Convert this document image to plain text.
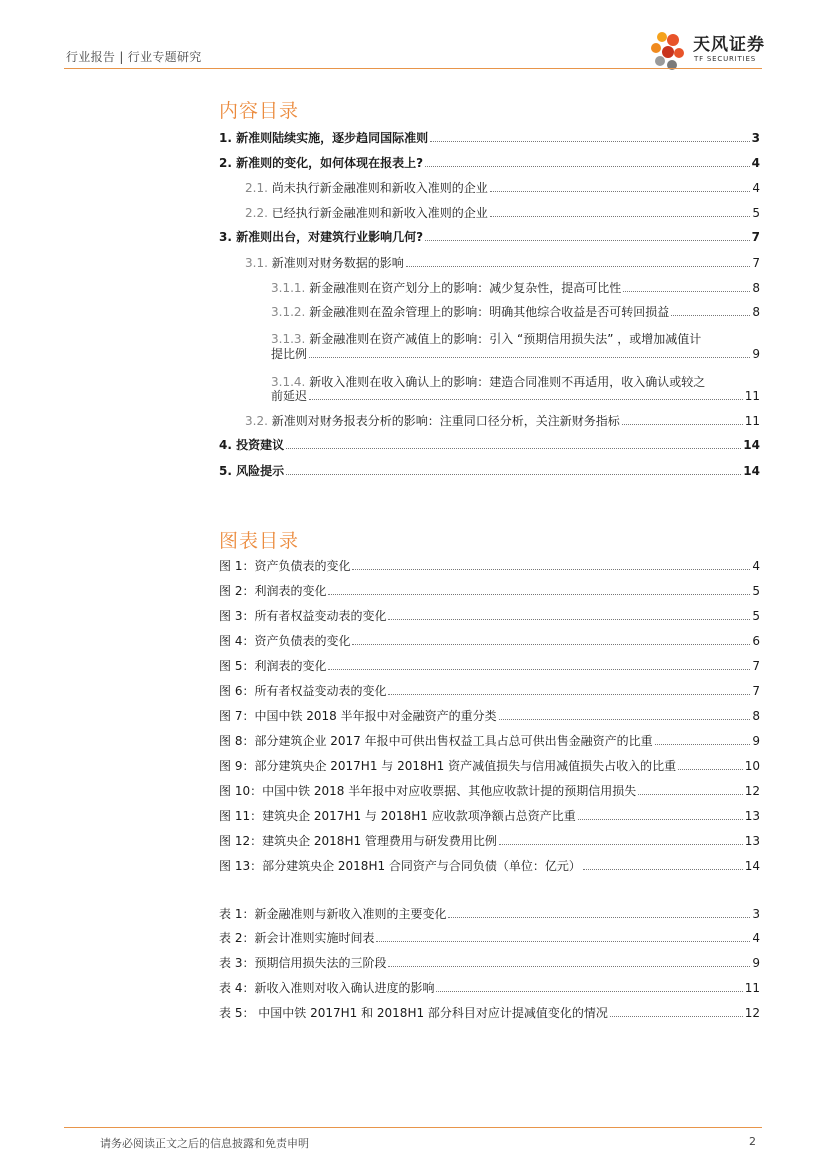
行业报告 | 行业专题研究
天风证券
TF SECURITIES
内容目录
1. 新准则陆续实施，逐步趋同国际准则	3
2. 新准则的变化，如何体现在报表上?	4
2.1. 尚未执行新金融准则和新收入准则的企业	4
2.2. 已经执行新金融准则和新收入准则的企业	5
3. 新准则出台，对建筑行业影响几何?	7
3.1. 新准则对财务数据的影响	7
3.1.1. 新金融准则在资产划分上的影响：减少复杂性，提高可比性	8
3.1.2. 新金融准则在盈余管理上的影响：明确其他综合收益是否可转回损益	8
3.1.3. 新金融准则在资产减值上的影响：引入 “预期信用损失法” ，或增加减值计
提比例	9
3.1.4. 新收入准则在收入确认上的影响：建造合同准则不再适用，收入确认或较之
前延迟	11
3.2. 新准则对财务报表分析的影响：注重同口径分析，关注新财务指标	11
4. 投资建议	14
5. 风险提示	14
图表目录
图 1：资产负债表的变化	4
图 2：利润表的变化	5
图 3：所有者权益变动表的变化	5
图 4：资产负债表的变化	6
图 5：利润表的变化	7
图 6：所有者权益变动表的变化	7
图 7：中国中铁 2018 半年报中对金融资产的重分类	8
图 8：部分建筑企业 2017 年报中可供出售权益工具占总可供出售金融资产的比重	9
图 9：部分建筑央企 2017H1 与 2018H1 资产减值损失与信用减值损失占收入的比重	10
图 10：中国中铁 2018 半年报中对应收票据、其他应收款计提的预期信用损失	12
图 11：建筑央企 2017H1 与 2018H1 应收款项净额占总资产比重	13
图 12：建筑央企 2018H1 管理费用与研发费用比例	13
图 13：部分建筑央企 2018H1 合同资产与合同负债（单位：亿元）	14
表 1：新金融准则与新收入准则的主要变化	3
表 2：新会计准则实施时间表	4
表 3：预期信用损失法的三阶段	9
表 4：新收入准则对收入确认进度的影响	11
表 5： 中国中铁 2017H1 和 2018H1 部分科目对应计提减值变化的情况	12
请务必阅读正文之后的信息披露和免责申明	2
